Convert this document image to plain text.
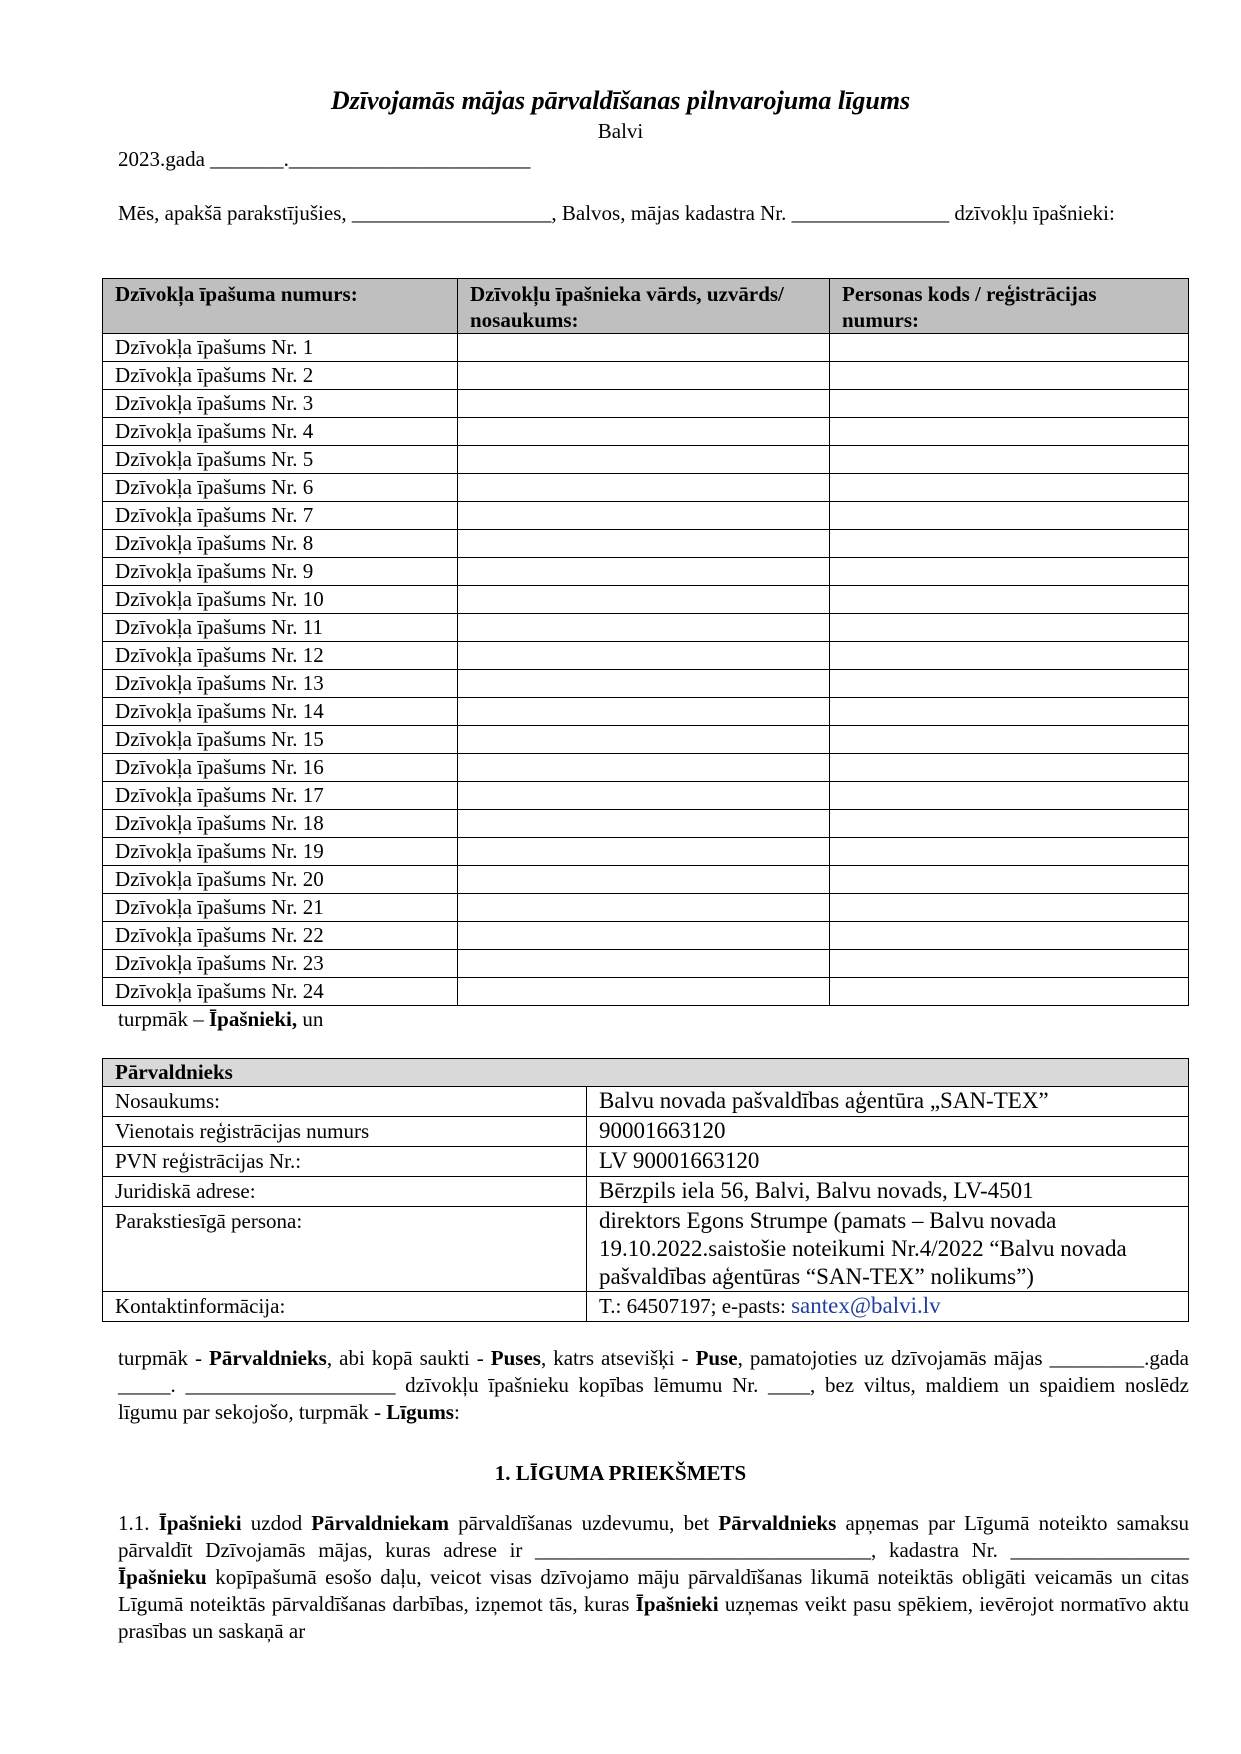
Dzīvojamās mājas pārvaldīšanas pilnvarojuma līgums
Balvi
2023.gada _______._______________________
Mēs, apakšā parakstījušies, ___________________, Balvos, mājas kadastra Nr. _______________ dzīvokļu īpašnieki:
Dzīvokļa īpašuma numurs:	Dzīvokļu īpašnieka vārds, uzvārds/ nosaukums:	Personas kods / reģistrācijas numurs:
Dzīvokļa īpašums Nr. 1		
Dzīvokļa īpašums Nr. 2		
Dzīvokļa īpašums Nr. 3		
Dzīvokļa īpašums Nr. 4		
Dzīvokļa īpašums Nr. 5		
Dzīvokļa īpašums Nr. 6		
Dzīvokļa īpašums Nr. 7		
Dzīvokļa īpašums Nr. 8		
Dzīvokļa īpašums Nr. 9		
Dzīvokļa īpašums Nr. 10		
Dzīvokļa īpašums Nr. 11		
Dzīvokļa īpašums Nr. 12		
Dzīvokļa īpašums Nr. 13		
Dzīvokļa īpašums Nr. 14		
Dzīvokļa īpašums Nr. 15		
Dzīvokļa īpašums Nr. 16		
Dzīvokļa īpašums Nr. 17		
Dzīvokļa īpašums Nr. 18		
Dzīvokļa īpašums Nr. 19		
Dzīvokļa īpašums Nr. 20		
Dzīvokļa īpašums Nr. 21		
Dzīvokļa īpašums Nr. 22		
Dzīvokļa īpašums Nr. 23		
Dzīvokļa īpašums Nr. 24		
turpmāk – Īpašnieki, un
Pārvaldnieks	
Nosaukums:	Balvu novada pašvaldības aģentūra „SAN-TEX”
Vienotais reģistrācijas numurs	90001663120
PVN reģistrācijas Nr.:	LV 90001663120
Juridiskā adrese:	Bērzpils iela 56, Balvi, Balvu novads, LV-4501
Parakstiesīgā persona:	direktors Egons Strumpe (pamats – Balvu novada 19.10.2022.saistošie noteikumi Nr.4/2022 “Balvu novada pašvaldības aģentūras “SAN-TEX” nolikums”)
Kontaktinformācija:	T.: 64507197; e-pasts: santex@balvi.lv
turpmāk - Pārvaldnieks, abi kopā saukti - Puses, katrs atsevišķi - Puse, pamatojoties uz dzīvojamās mājas _________.gada _____. ____________________ dzīvokļu īpašnieku kopības lēmumu Nr. ____, bez viltus, maldiem un spaidiem noslēdz līgumu par sekojošo, turpmāk - Līgums:
1. LĪGUMA PRIEKŠMETS
1.1. Īpašnieki uzdod Pārvaldniekam pārvaldīšanas uzdevumu, bet Pārvaldnieks apņemas par Līgumā noteikto samaksu pārvaldīt Dzīvojamās mājas, kuras adrese ir ________________________________, kadastra Nr. _________________ Īpašnieku kopīpašumā esošo daļu, veicot visas dzīvojamo māju pārvaldīšanas likumā noteiktās obligāti veicamās un citas Līgumā noteiktās pārvaldīšanas darbības, izņemot tās, kuras Īpašnieki uzņemas veikt pasu spēkiem, ievērojot normatīvo aktu prasības un saskaņā ar
